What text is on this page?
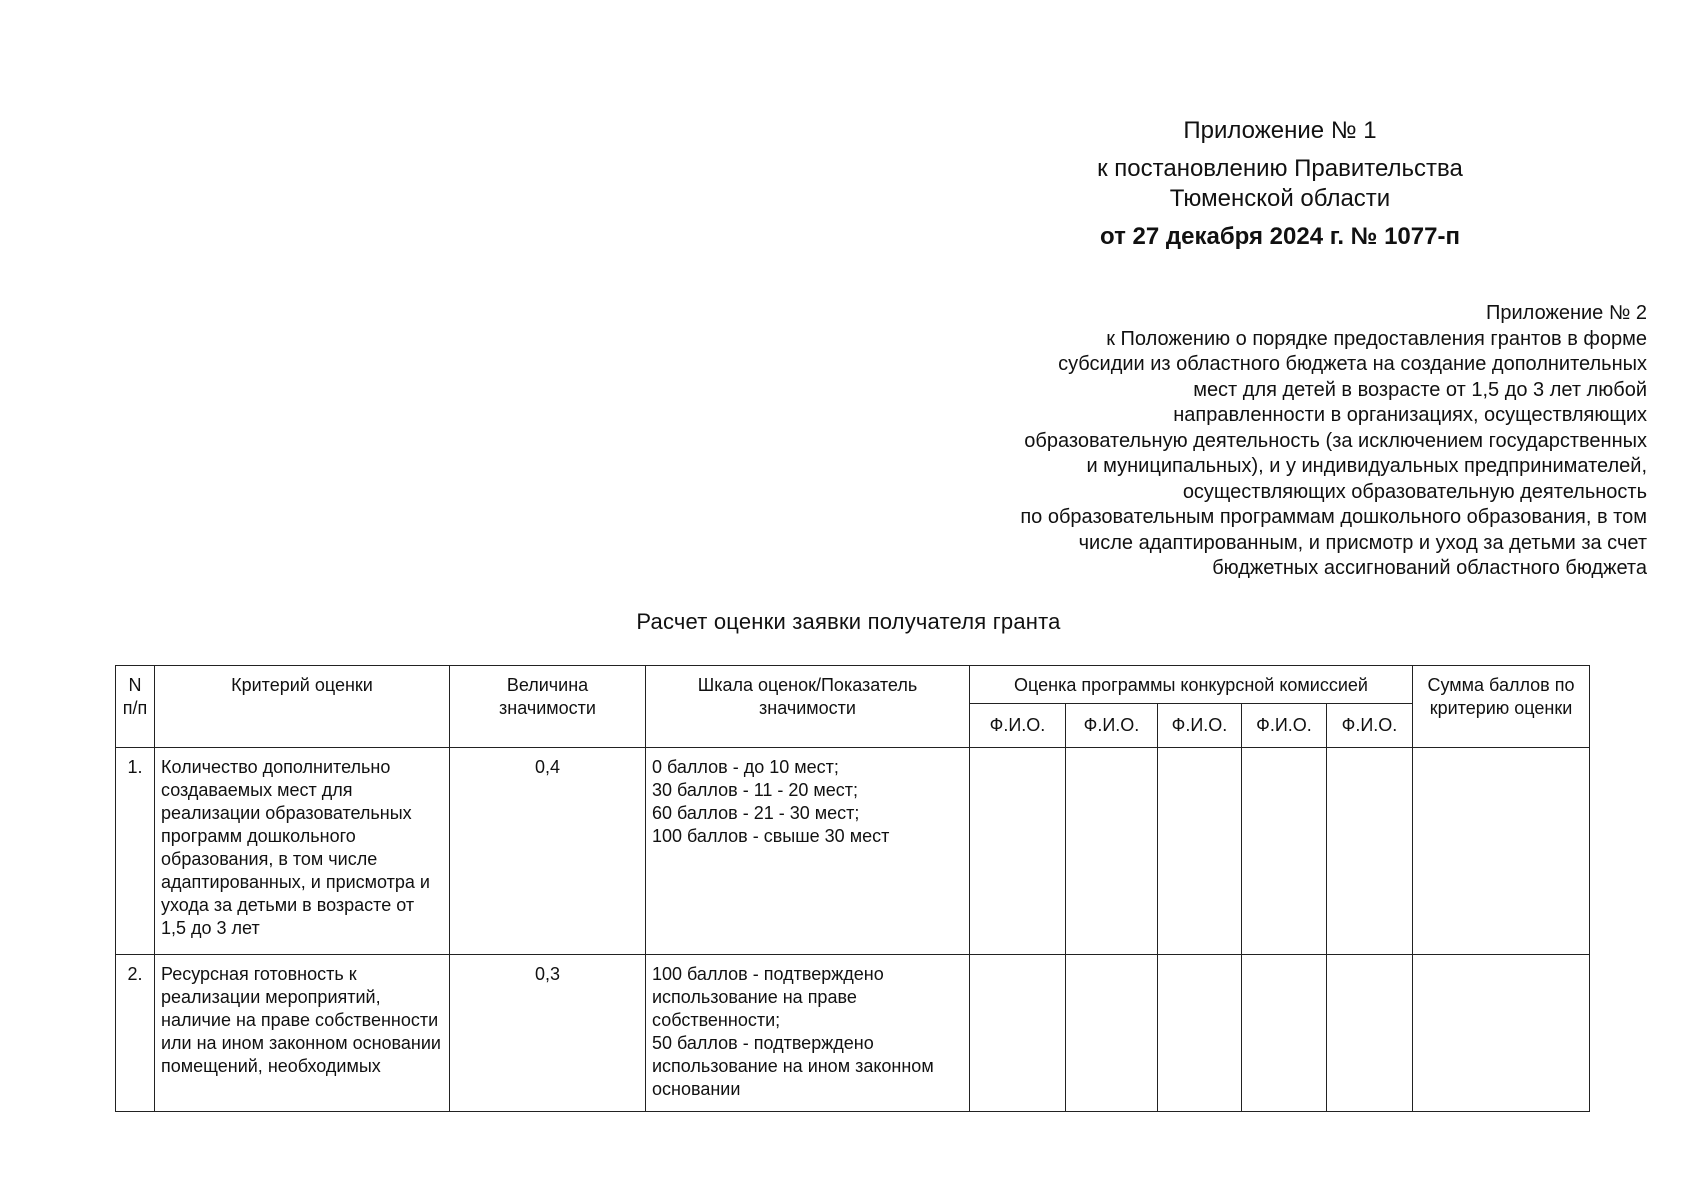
Приложение № 1
к постановлению Правительства Тюменской области
от 27 декабря 2024 г. № 1077-п
Приложение № 2
к Положению о порядке предоставления грантов в форме
субсидии из областного бюджета на создание дополнительных
мест для детей в возрасте от 1,5 до 3 лет любой
направленности в организациях, осуществляющих
образовательную деятельность (за исключением государственных
и муниципальных), и у индивидуальных предпринимателей,
осуществляющих образовательную деятельность
по образовательным программам дошкольного образования, в том
числе адаптированным, и присмотр и уход за детьми за счет
бюджетных ассигнований областного бюджета
Расчет оценки заявки получателя гранта
N п/п	Критерий оценки	Величина значимости	Шкала оценок/Показатель значимости	Оценка программы конкурсной комиссией					Сумма баллов по критерию оценки
				Ф.И.О.	Ф.И.О.	Ф.И.О.	Ф.И.О.	Ф.И.О.	
1.	Количество дополнительно создаваемых мест для реализации образовательных программ дошкольного образования, в том числе адаптированных, и присмотра и ухода за детьми в возрасте от 1,5 до 3 лет	0,4	0 баллов - до 10 мест;
30 баллов - 11 - 20 мест;
60 баллов - 21 - 30 мест;
100 баллов - свыше 30 мест						
2.	Ресурсная готовность к реализации мероприятий, наличие на праве собственности или на ином законном основании помещений, необходимых	0,3	100 баллов - подтверждено использование на праве собственности;
50 баллов - подтверждено использование на ином законном основании						
